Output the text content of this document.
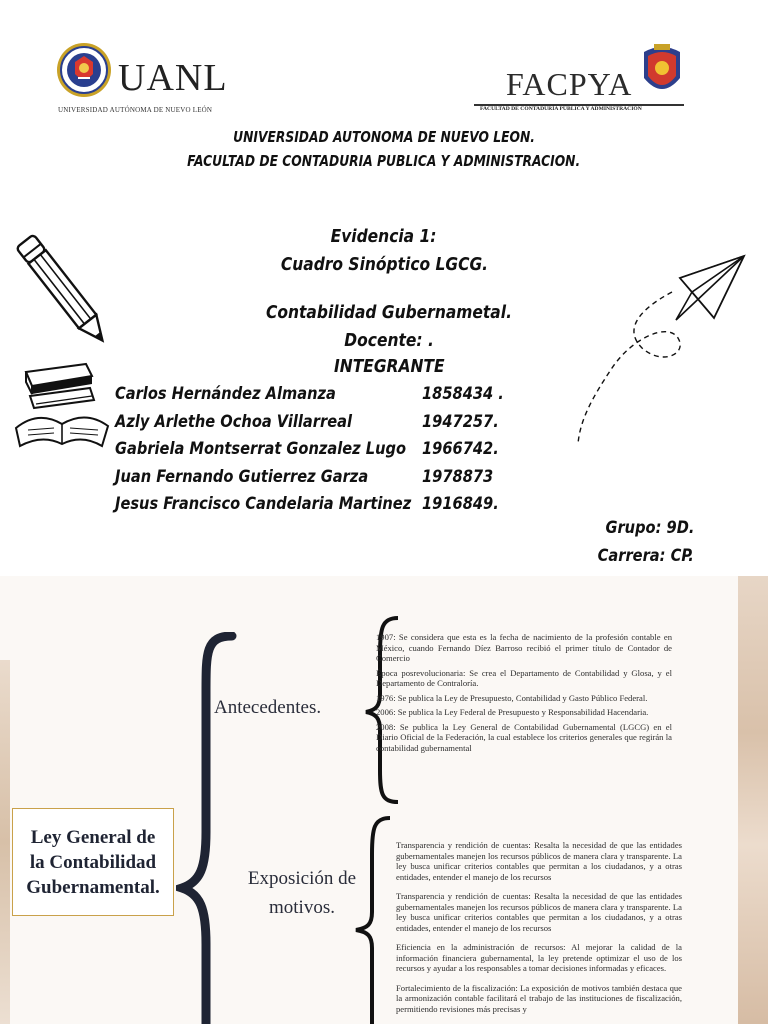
UANL
UNIVERSIDAD AUTÓNOMA DE NUEVO LEÓN
FACPYA
FACULTAD DE CONTADURÍA PÚBLICA Y ADMINISTRACIÓN
UNIVERSIDAD AUTONOMA DE NUEVO LEON.
FACULTAD DE CONTADURIA PUBLICA Y ADMINISTRACION.
Evidencia 1:
Cuadro Sinóptico LGCG.
Contabilidad Gubernametal.
Docente: .
INTEGRANTE
Carlos Hernández Almanza	1858434 .
Azly Arlethe Ochoa Villarreal	1947257.
Gabriela Montserrat Gonzalez Lugo 1966742.
Juan Fernando Gutierrez Garza	1978873
Jesus Francisco Candelaria Martinez 1916849.
Grupo: 9D.
Carrera: CP.
Ley General de
la Contabilidad
Gubernamental.
Antecedentes.

1907: Se considera que esta es la fecha de nacimiento de la profesión contable en México, cuando Fernando Díez Barroso recibió el primer título de Contador de Comercio

Época posrevolucionaria: Se crea el Departamento de Contabilidad y Glosa, y el Departamento de Contraloría.

1976: Se publica la Ley de Presupuesto, Contabilidad y Gasto Público Federal.

2006: Se publica la Ley Federal de Presupuesto y Responsabilidad Hacendaria.

2008: Se publica la Ley General de Contabilidad Gubernamental (LGCG) en el Diario Oficial de la Federación, la cual establece los criterios generales que regirán la contabilidad gubernamental

Exposición de motivos.

Transparencia y rendición de cuentas: Resalta la necesidad de que las entidades gubernamentales manejen los recursos públicos de manera clara y transparente. La ley busca unificar criterios contables que permitan a los ciudadanos, y a otras entidades, entender el manejo de los recursos

Transparencia y rendición de cuentas: Resalta la necesidad de que las entidades gubernamentales manejen los recursos públicos de manera clara y transparente. La ley busca unificar criterios contables que permitan a los ciudadanos, y a otras entidades, entender el manejo de los recursos

Eficiencia en la administración de recursos: Al mejorar la calidad de la información financiera gubernamental, la ley pretende optimizar el uso de los recursos y ayudar a los responsables a tomar decisiones informadas y eficaces.

Fortalecimiento de la fiscalización: La exposición de motivos también destaca que la armonización contable facilitará el trabajo de las instituciones de fiscalización, permitiendo revisiones más precisas y
